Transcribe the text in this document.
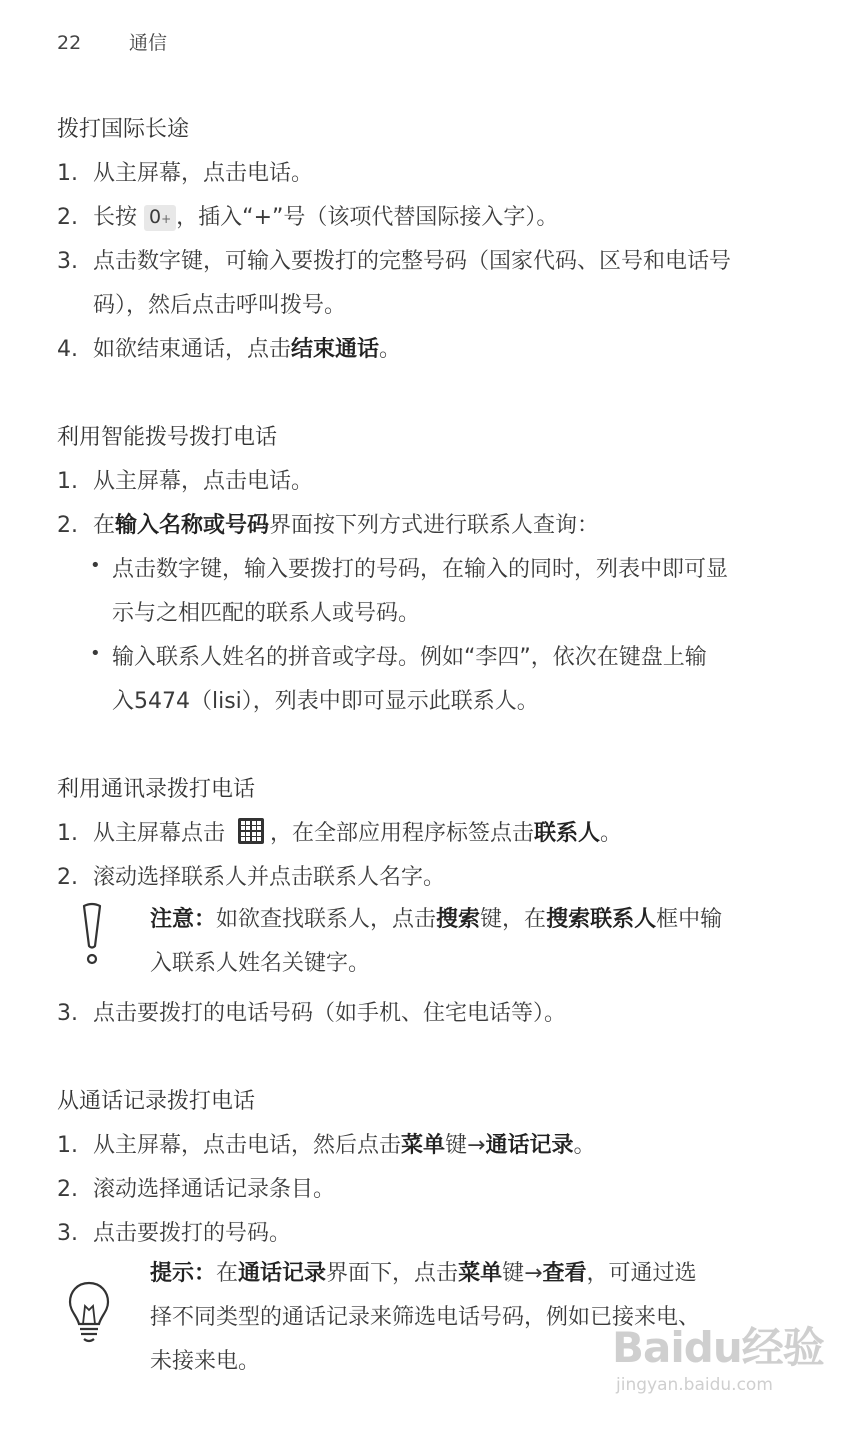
22	通信
拨打国际长途
1. 从主屏幕，点击电话。
2. 长按 0+ ，插入“+”号（该项代替国际接入字）。
3. 点击数字键，可输入要拨打的完整号码（国家代码、区号和电话号
码），然后点击呼叫拨号。
4. 如欲结束通话，点击结束通话。
利用智能拨号拨打电话
1. 从主屏幕，点击电话。
2. 在输入名称或号码界面按下列方式进行联系人查询：
• 点击数字键，输入要拨打的号码，在输入的同时，列表中即可显
示与之相匹配的联系人或号码。
• 输入联系人姓名的拼音或字母。例如“李四”，依次在键盘上输
入5474（lisi），列表中即可显示此联系人。
利用通讯录拨打电话
1. 从主屏幕点击 ，在全部应用程序标签点击联系人。
2. 滚动选择联系人并点击联系人名字。
注意：如欲查找联系人，点击搜索键，在搜索联系人框中输
入联系人姓名关键字。
3. 点击要拨打的电话号码（如手机、住宅电话等）。
从通话记录拨打电话
1. 从主屏幕，点击电话，然后点击菜单键→通话记录。
2. 滚动选择通话记录条目。
3. 点击要拨打的号码。
提示：在通话记录界面下，点击菜单键→查看，可通过选
择不同类型的通话记录来筛选电话号码，例如已接来电、
未接来电。	Baidu经验
jingyan.baidu.com
